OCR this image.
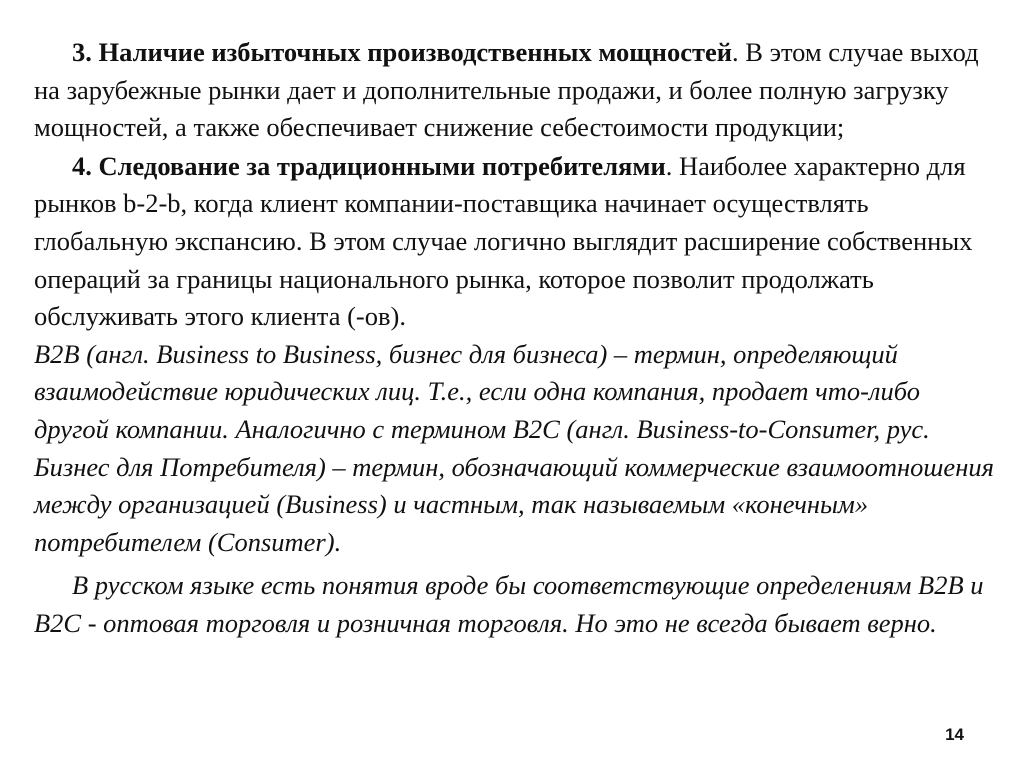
3. Наличие избыточных производственных мощностей. В этом случае выход на зарубежные рынки дает и дополнительные продажи, и более полную загрузку мощностей, а также обеспечивает снижение себестоимости продукции;

4. Следование за традиционными потребителями. Наиболее характерно для рынков b-2-b, когда клиент компании-поставщика начинает осуществлять глобальную экспансию. В этом случае логично выглядит расширение собственных операций за границы национального рынка, которое позволит продолжать обслуживать этого клиента (-ов).

B2B (англ. Business to Business, бизнес для бизнеса) – термин, определяющий взаимодействие юридических лиц. Т.е., если одна компания, продает что-либо другой компании. Аналогично с термином B2C (англ. Business-to-Consumer, рус. Бизнес для Потребителя) – термин, обозначающий коммерческие взаимоотношения между организацией (Business) и частным, так называемым «конечным» потребителем (Consumer).

В русском языке есть понятия вроде бы соответствующие определениям B2B и B2C - оптовая торговля и розничная торговля. Но это не всегда бывает верно.

14
